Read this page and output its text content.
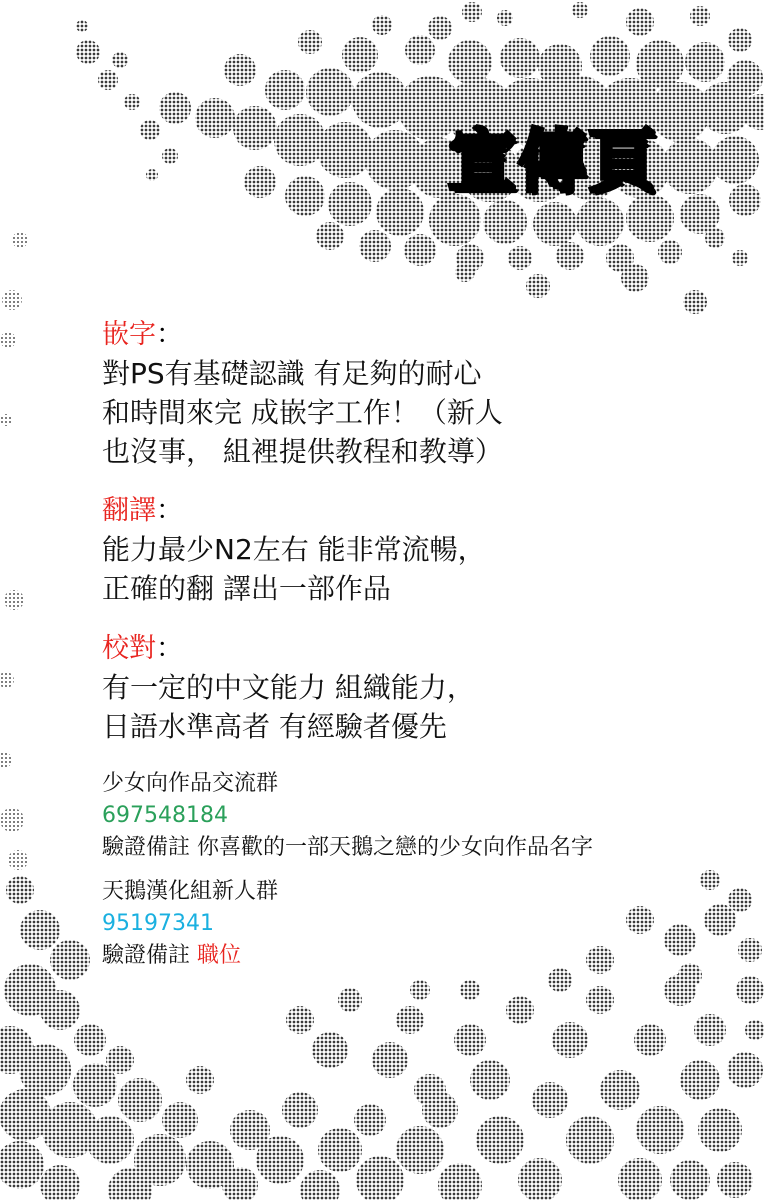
宣傳頁

嵌字：

對PS有基礎認識 有足夠的耐心

和時間來完 成嵌字工作！（新人

也沒事， 組裡提供教程和教導）

翻譯：

能力最少N2左右 能非常流暢，

正確的翻 譯出一部作品

校對：

有一定的中文能力 組織能力，

日語水準高者 有經驗者優先

少女向作品交流群

697548184

驗證備註 你喜歡的一部天鵝之戀的少女向作品名字

天鵝漢化組新人群

95197341

驗證備註 職位
